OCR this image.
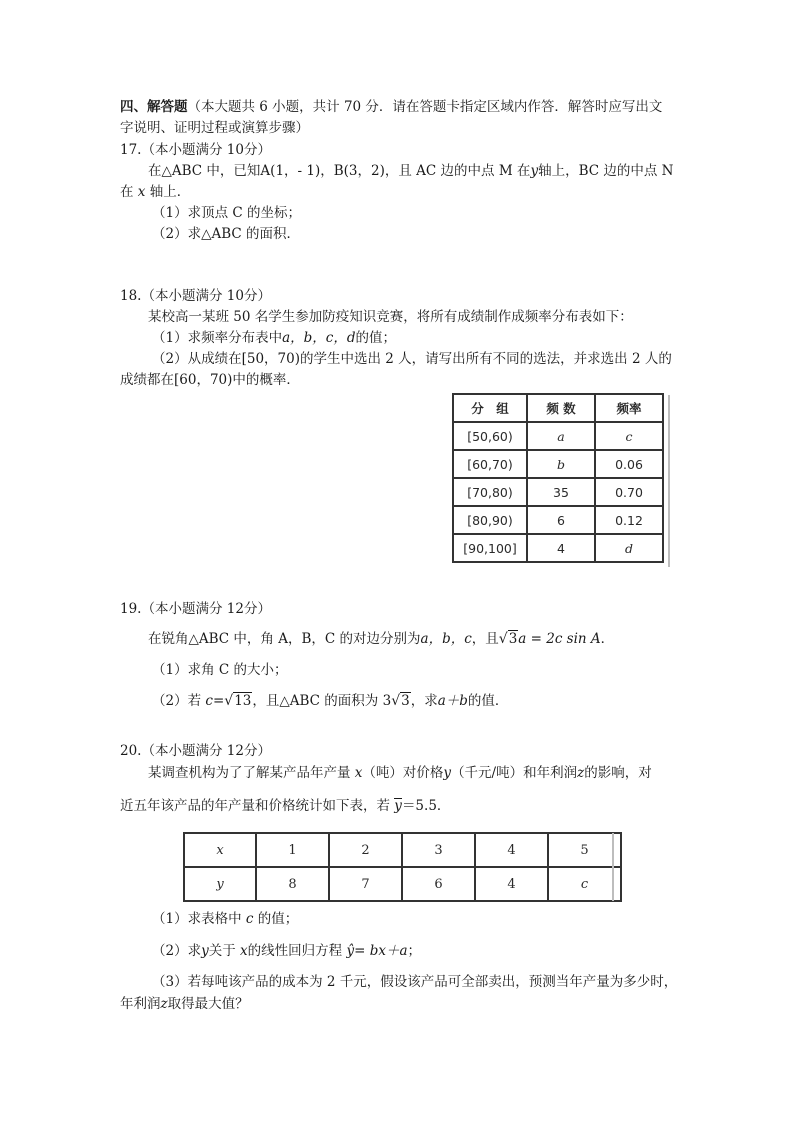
四、解答题（本大题共 6 小题，共计 70 分．请在答题卡指定区域内作答．解答时应写出文
字说明、证明过程或演算步骤）
17.（本小题满分 10分）
在△ABC 中，已知A(1，- 1)，B(3，2)，且 AC 边的中点 M 在y轴上，BC 边的中点 N
在 x 轴上．
（1）求顶点 C 的坐标；
（2）求△ABC 的面积．
18.（本小题满分 10分）
某校高一某班 50 名学生参加防疫知识竞赛，将所有成绩制作成频率分布表如下：
（1）求频率分布表中a，b，c，d的值；
（2）从成绩在[50，70)的学生中选出 2 人，请写出所有不同的选法，并求选出 2 人的
成绩都在[60，70)中的概率．
分　组	频 数	频率
[50,60)	a	c
[60,70)	b	0.06
[70,80)	35	0.70
[80,90)	6	0.12
[90,100]	4	d
19.（本小题满分 12分）
在锐角△ABC 中，角 A，B，C 的对边分别为a，b，c，且√3a = 2c sin A．
（1）求角 C 的大小；
（2）若 c=√13，且△ABC 的面积为 3√3，求a＋b的值．
20.（本小题满分 12分）
某调查机构为了了解某产品年产量 x（吨）对价格y（千元/吨）和年利润z的影响，对
近五年该产品的年产量和价格统计如下表，若 y＝5.5．
x	1	2	3	4	5
y	8	7	6	4	c
（1）求表格中 c 的值；
（2）求y关于 x的线性回归方程 ŷ= bx＋a；
（3）若每吨该产品的成本为 2 千元，假设该产品可全部卖出，预测当年产量为多少时，
年利润z取得最大值？
